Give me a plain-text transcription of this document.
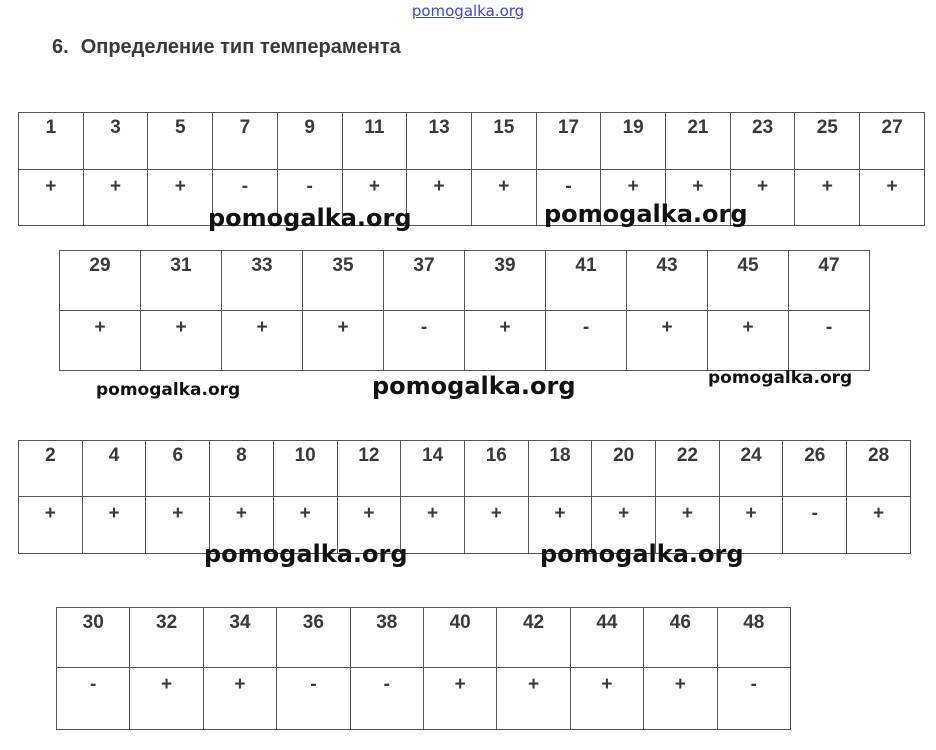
pomogalka.org
6. Определение тип темперамента
1	3	5	7	9	11	13	15	17	19	21	23	25	27
+	+	+	-	-	+	+	+	-	+	+	+	+	+
29	31	33	35	37	39	41	43	45	47
+	+	+	+	-	+	-	+	+	-
2	4	6	8	10	12	14	16	18	20	22	24	26	28
+	+	+	+	+	+	+	+	+	+	+	+	-	+
30	32	34	36	38	40	42	44	46	48
-	+	+	-	-	+	+	+	+	-
pomogalka.org	pomogalka.org
pomogalka.org	pomogalka.org	pomogalka.org
pomogalka.org	pomogalka.org
